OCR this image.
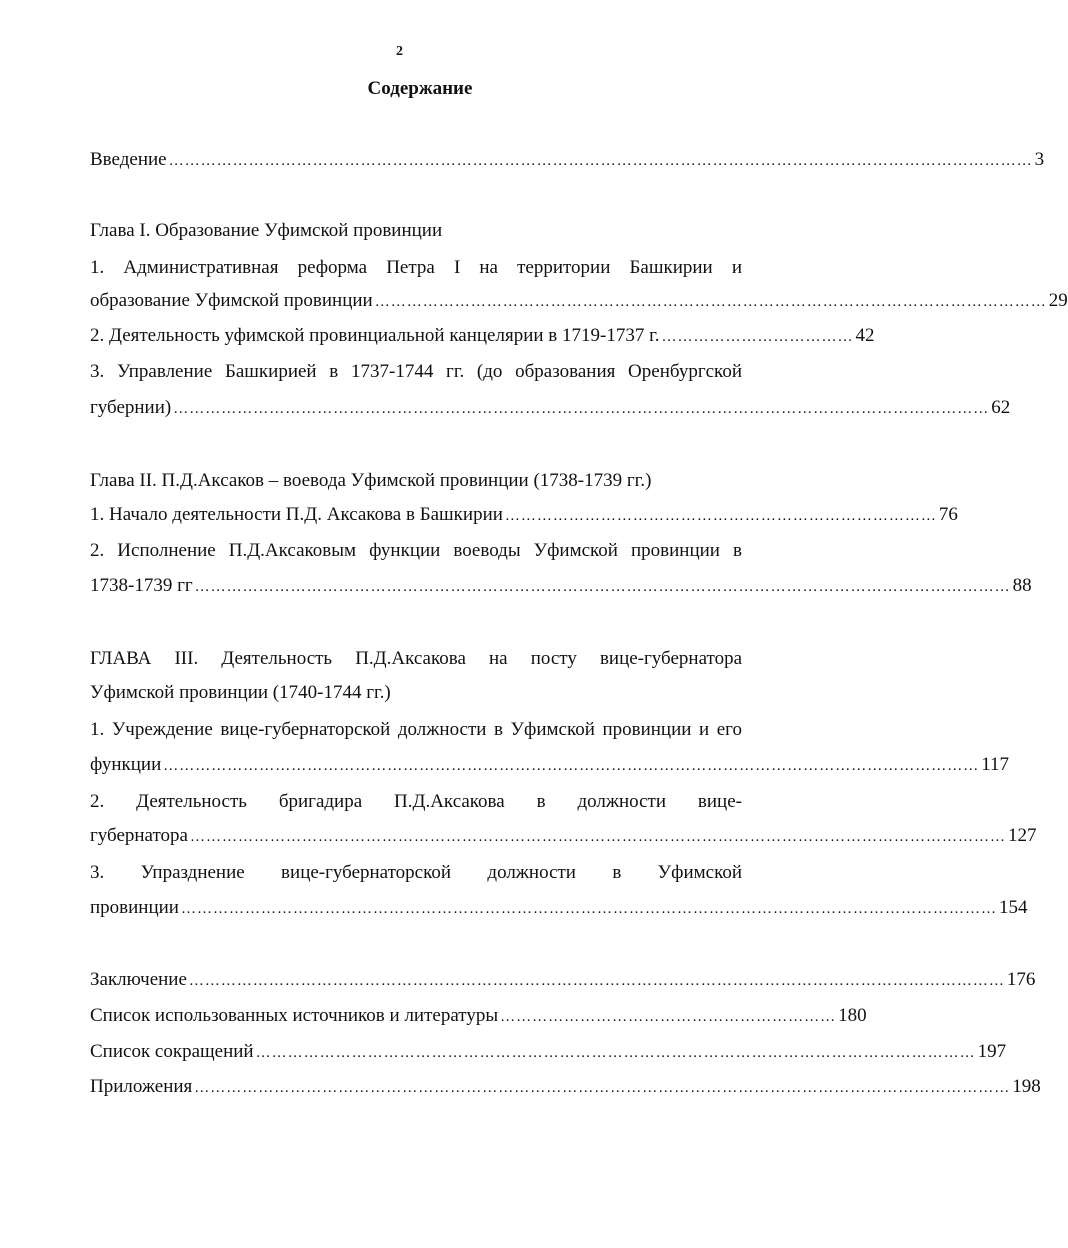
2
Содержание
Введение ……………………………………………………………………………………………………………………………………………… 3
Глава I. Образование Уфимской провинции
1. Административная реформа Петра I на территории Башкирии и
образование Уфимской провинции ……………………………………………………………………………………………………………… 29
2. Деятельность уфимской провинциальной канцелярии в 1719-1737 г. ……………………………… 42
3. Управление Башкирией в 1737-1744 гг. (до образования Оренбургской
губернии) ……………………………………………………………………………………………………………………………………… 62
Глава II. П.Д.Аксаков – воевода Уфимской провинции (1738-1739 гг.)
1. Начало деятельности П.Д. Аксакова в Башкирии ……………………………………………………………………… 76
2. Исполнение П.Д.Аксаковым функции воеводы Уфимской провинции в
1738-1739 гг ……………………………………………………………………………………………………………………………………… 88
ГЛАВА III. Деятельность П.Д.Аксакова на посту вице-губернатора
Уфимской провинции (1740-1744 гг.)
1. Учреждение вице-губернаторской должности в Уфимской провинции и его
функции ……………………………………………………………………………………………………………………………………… 117
2. Деятельность бригадира П.Д.Аксакова в должности вице-
губернатора ……………………………………………………………………………………………………………………………………… 127
3. Упразднение вице-губернаторской должности в Уфимской
провинции ……………………………………………………………………………………………………………………………………… 154
Заключение ……………………………………………………………………………………………………………………………………… 176
Список использованных источников и литературы ……………………………………………………… 180
Список сокращений ……………………………………………………………………………………………………………………… 197
Приложения ……………………………………………………………………………………………………………………………………… 198
